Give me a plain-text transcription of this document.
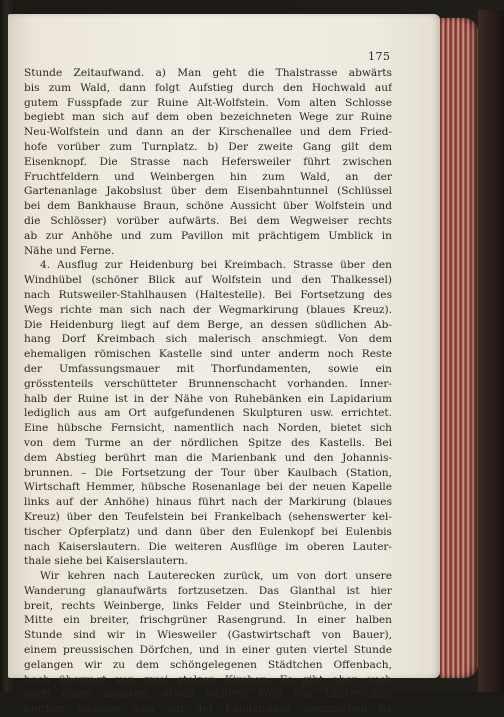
175
Stunde Zeitaufwand. a) Man geht die Thalstrasse abwärts
bis zum Wald, dann folgt Aufstieg durch den Hochwald auf
gutem Fusspfade zur Ruine Alt-Wolfstein. Vom alten Schlosse
begiebt man sich auf dem oben bezeichneten Wege zur Ruine
Neu-Wolfstein und dann an der Kirschenallee und dem Fried-
hofe vorüber zum Turnplatz. b) Der zweite Gang gilt dem
Eisenknopf. Die Strasse nach Hefersweiler führt zwischen
Fruchtfeldern und Weinbergen hin zum Wald, an der
Gartenanlage Jakobslust über dem Eisenbahntunnel (Schlüssel
bei dem Bankhause Braun, schöne Aussicht über Wolfstein und
die Schlösser) vorüber aufwärts. Bei dem Wegweiser rechts
ab zur Anhöhe und zum Pavillon mit prächtigem Umblick in
Nähe und Ferne.
4. Ausflug zur Heidenburg bei Kreimbach. Strasse über den
Windhübel (schöner Blick auf Wolfstein und den Thalkessel)
nach Rutsweiler-Stahlhausen (Haltestelle). Bei Fortsetzung des
Wegs richte man sich nach der Wegmarkirung (blaues Kreuz).
Die Heidenburg liegt auf dem Berge, an dessen südlichen Ab-
hang Dorf Kreimbach sich malerisch anschmiegt. Von dem
ehemaligen römischen Kastelle sind unter anderm noch Reste
der Umfassungsmauer mit Thorfundamenten, sowie ein
grösstenteils verschütteter Brunnenschacht vorhanden. Inner-
halb der Ruine ist in der Nähe von Ruhebänken ein Lapidarium
lediglich aus am Ort aufgefundenen Skulpturen usw. errichtet.
Eine hübsche Fernsicht, namentlich nach Norden, bietet sich
von dem Turme an der nördlichen Spitze des Kastells. Bei
dem Abstieg berührt man die Marienbank und den Johannis-
brunnen. – Die Fortsetzung der Tour über Kaulbach (Station,
Wirtschaft Hemmer, hübsche Rosenanlage bei der neuen Kapelle
links auf der Anhöhe) hinaus führt nach der Markirung (blaues
Kreuz) über den Teufelstein bei Frankelbach (sehenswerter kel-
tischer Opferplatz) und dann über den Eulenkopf bei Eulenbis
nach Kaiserslautern. Die weiteren Ausflüge im oberen Lauter-
thale siehe bei Kaiserslautern.
Wir kehren nach Lauterecken zurück, um von dort unsere
Wanderung glanaufwärts fortzusetzen. Das Glanthal ist hier
breit, rechts Weinberge, links Felder und Steinbrüche, in der
Mitte ein breiter, frischgrüner Rasengrund. In einer halben
Stunde sind wir in Wiesweiler (Gastwirtschaft von Bauer),
einem preussischen Dörfchen, und in einer guten viertel Stunde
gelangen wir zu dem schöngelegenen Städtchen Offenbach,
hoch überragt von zwei stolzen Kirchen. Es gibt aber auch
noch einen anderen, etwas weitern Weg von Lauterecken
hierher, welcher dem auf der Landstrasse vorzuziehen ist
